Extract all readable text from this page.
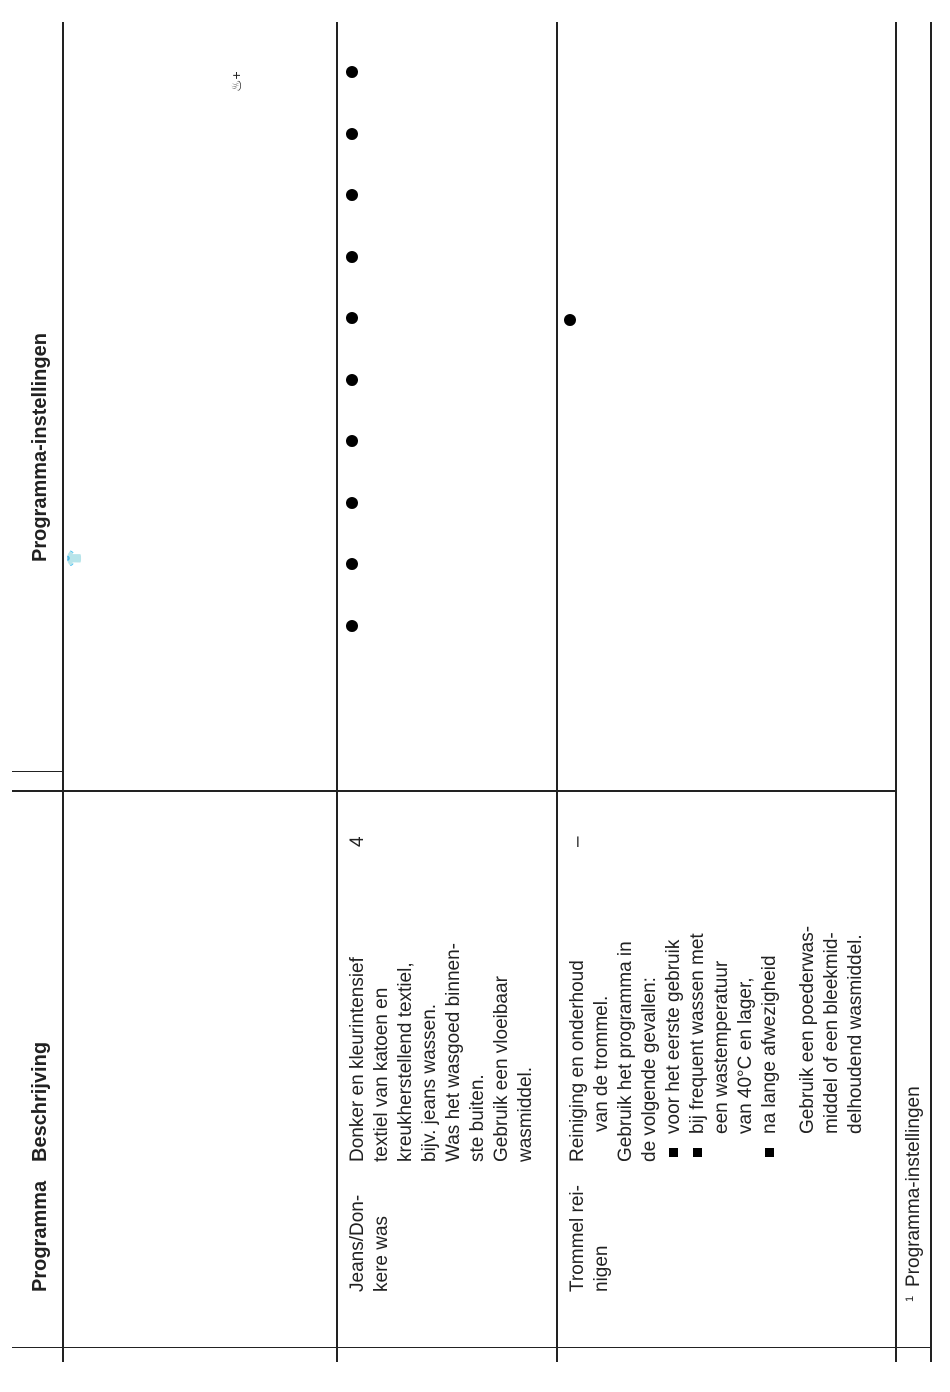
Programma
Beschrijving
Programma-instellingen 👕
♨+
Jeans/Don- kere was
Donker en kleurintensief textiel van katoen en kreukherstellend textiel, bijv. jeans wassen. Was het wasgoed binnen- ste buiten. Gebruik een vloeibaar wasmiddel.
4
Trommel rei- nigen
Reiniging en onderhoud van de trommel. Gebruik het programma in de volgende gevallen: voor het eerste gebruik bij frequent wassen met een wastemperatuur van 40°C en lager, na lange afwezigheid Gebruik een poederwas- middel of een bleekmid- delhoudend wasmiddel.
–
1
Programma-instellingen
